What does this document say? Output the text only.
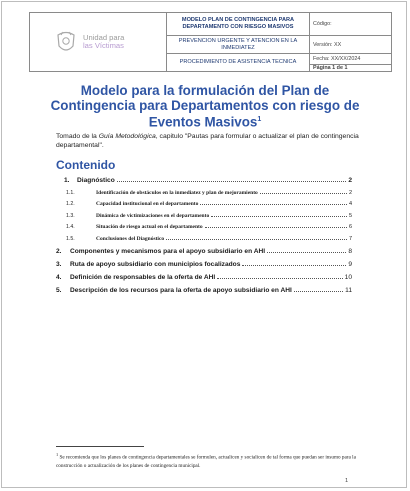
Unidad para
las Víctimas	MODELO PLAN DE CONTINGENCIA PARA DEPARTAMENTO CON RIESGO MASIVOS	Código:
	PREVENCION URGENTE Y ATENCION EN LA INMEDIATEZ	Versión: XX
	PROCEDIMIENTO DE ASISTENCIA TECNICA	Fecha: XX/XX/2024
		Página 1 de 1
Modelo para la formulación del Plan de Contingencia para Departamentos con riesgo de Eventos Masivos$^1$

Tomado de la Guía Metodológica, capitulo "Pautas para formular o actualizar el plan de contingencia departamental".

Contenido
1.	Diagnóstico	2
1.1.	Identificación de obstáculos en la inmediatez y plan de mejoramiento	2
1.2.	Capacidad institucional en el departamento	4
1.3.	Dinámica de victimizaciones en el departamento	5
1.4.	Situación de riesgo actual en el departamento	6
1.5.	Conclusiones del Diagnóstico	7
2.	Componentes y mecanismos para el apoyo subsidiario en AHI	8
3.	Ruta de apoyo subsidiario con municipios focalizados	9
4.	Definición de responsables de la oferta de AHI	10
5.	Descripción de los recursos para la oferta de apoyo subsidiario en AHI	11

$^1$ Se recomienda que los planes de contingencia departamentales se formulen, actualicen y socialicen de tal forma que puedan ser insumo para la construcción o actualización de los planes de contingencia municipal.

1
